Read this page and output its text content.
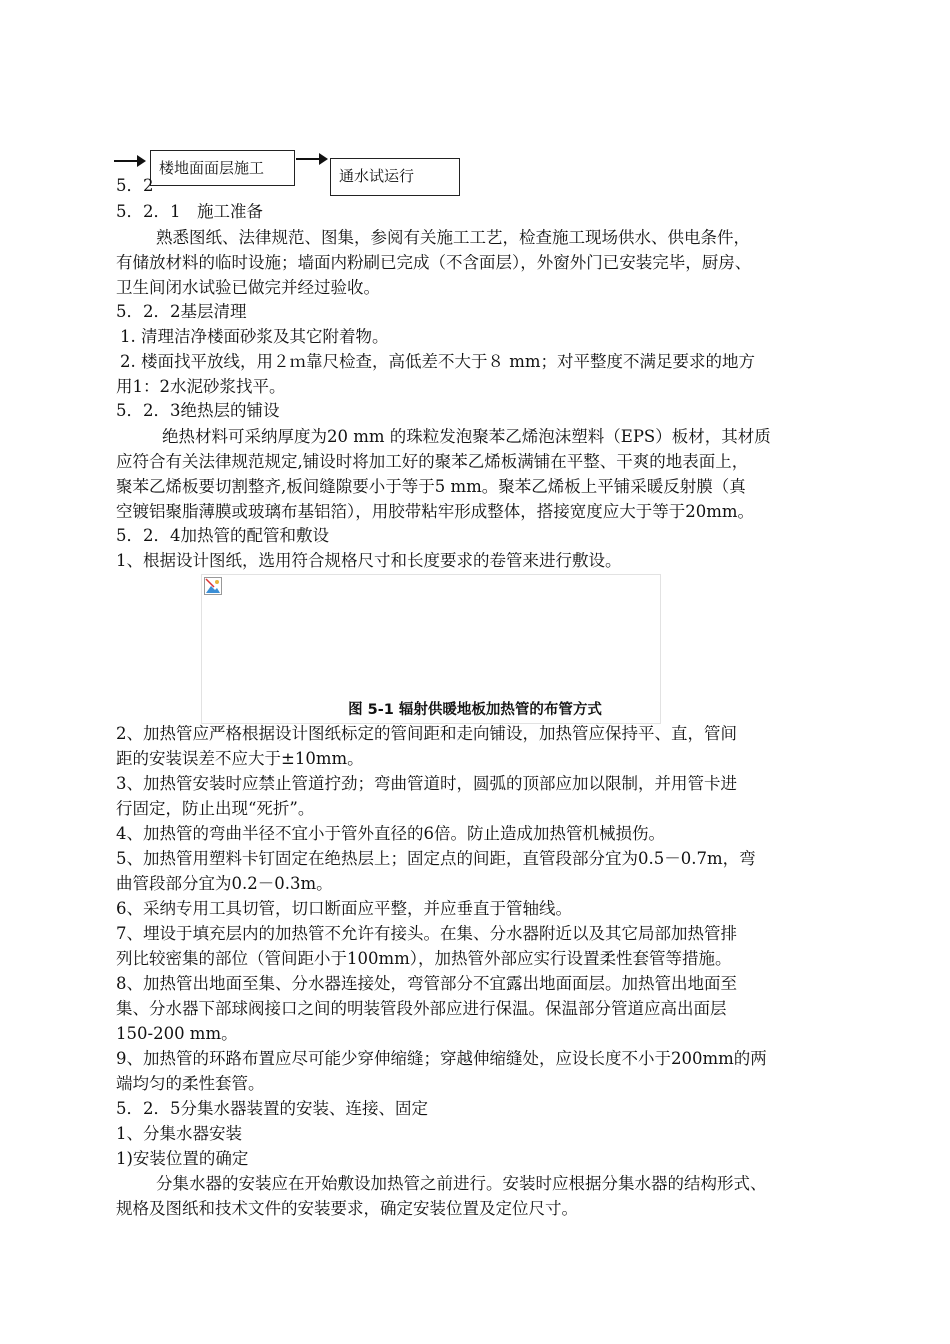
楼地面面层施工	通水试运行
5．2
5．2．1　施工准备
熟悉图纸、法律规范、图集，参阅有关施工工艺，检查施工现场供水、供电条件，
有储放材料的临时设施；墙面内粉刷已完成（不含面层），外窗外门已安装完毕，厨房、
卫生间闭水试验已做完并经过验收。
5．2．2基层清理
1. 清理洁净楼面砂浆及其它附着物。
2. 楼面找平放线，用２ｍ靠尺检查，高低差不大于８ mm；对平整度不满足要求的地方
用1：2水泥砂浆找平。
5．2．3绝热层的铺设
绝热材料可采纳厚度为20 mm 的珠粒发泡聚苯乙烯泡沫塑料（EPS）板材，其材质
应符合有关法律规范规定,铺设时将加工好的聚苯乙烯板满铺在平整、干爽的地表面上，
聚苯乙烯板要切割整齐,板间缝隙要小于等于5 mm。聚苯乙烯板上平铺采暖反射膜（真
空镀铝聚脂薄膜或玻璃布基铝箔），用胶带粘牢形成整体，搭接宽度应大于等于20mm。
5．2．4加热管的配管和敷设
1、根据设计图纸，选用符合规格尺寸和长度要求的卷管来进行敷设。
图 5-1 辐射供暖地板加热管的布管方式
2、加热管应严格根据设计图纸标定的管间距和走向铺设，加热管应保持平、直，管间
距的安装误差不应大于±10mm。
3、加热管安装时应禁止管道拧劲；弯曲管道时，圆弧的顶部应加以限制，并用管卡进
行固定，防止出现“死折”。
4、加热管的弯曲半径不宜小于管外直径的6倍。防止造成加热管机械损伤。
5、加热管用塑料卡钉固定在绝热层上；固定点的间距，直管段部分宜为0.5－0.7m，弯
曲管段部分宜为0.2－0.3m。
6、采纳专用工具切管，切口断面应平整，并应垂直于管轴线。
7、埋设于填充层内的加热管不允许有接头。在集、分水器附近以及其它局部加热管排
列比较密集的部位（管间距小于100mm），加热管外部应实行设置柔性套管等措施。
8、加热管出地面至集、分水器连接处，弯管部分不宜露出地面面层。加热管出地面至
集、分水器下部球阀接口之间的明装管段外部应进行保温。保温部分管道应高出面层
150-200 mm。
9、加热管的环路布置应尽可能少穿伸缩缝；穿越伸缩缝处，应设长度不小于200mm的两
端均匀的柔性套管。
5．2．5分集水器装置的安装、连接、固定
1、分集水器安装
1)安装位置的确定
分集水器的安装应在开始敷设加热管之前进行。安装时应根据分集水器的结构形式、
规格及图纸和技术文件的安装要求，确定安装位置及定位尺寸。
